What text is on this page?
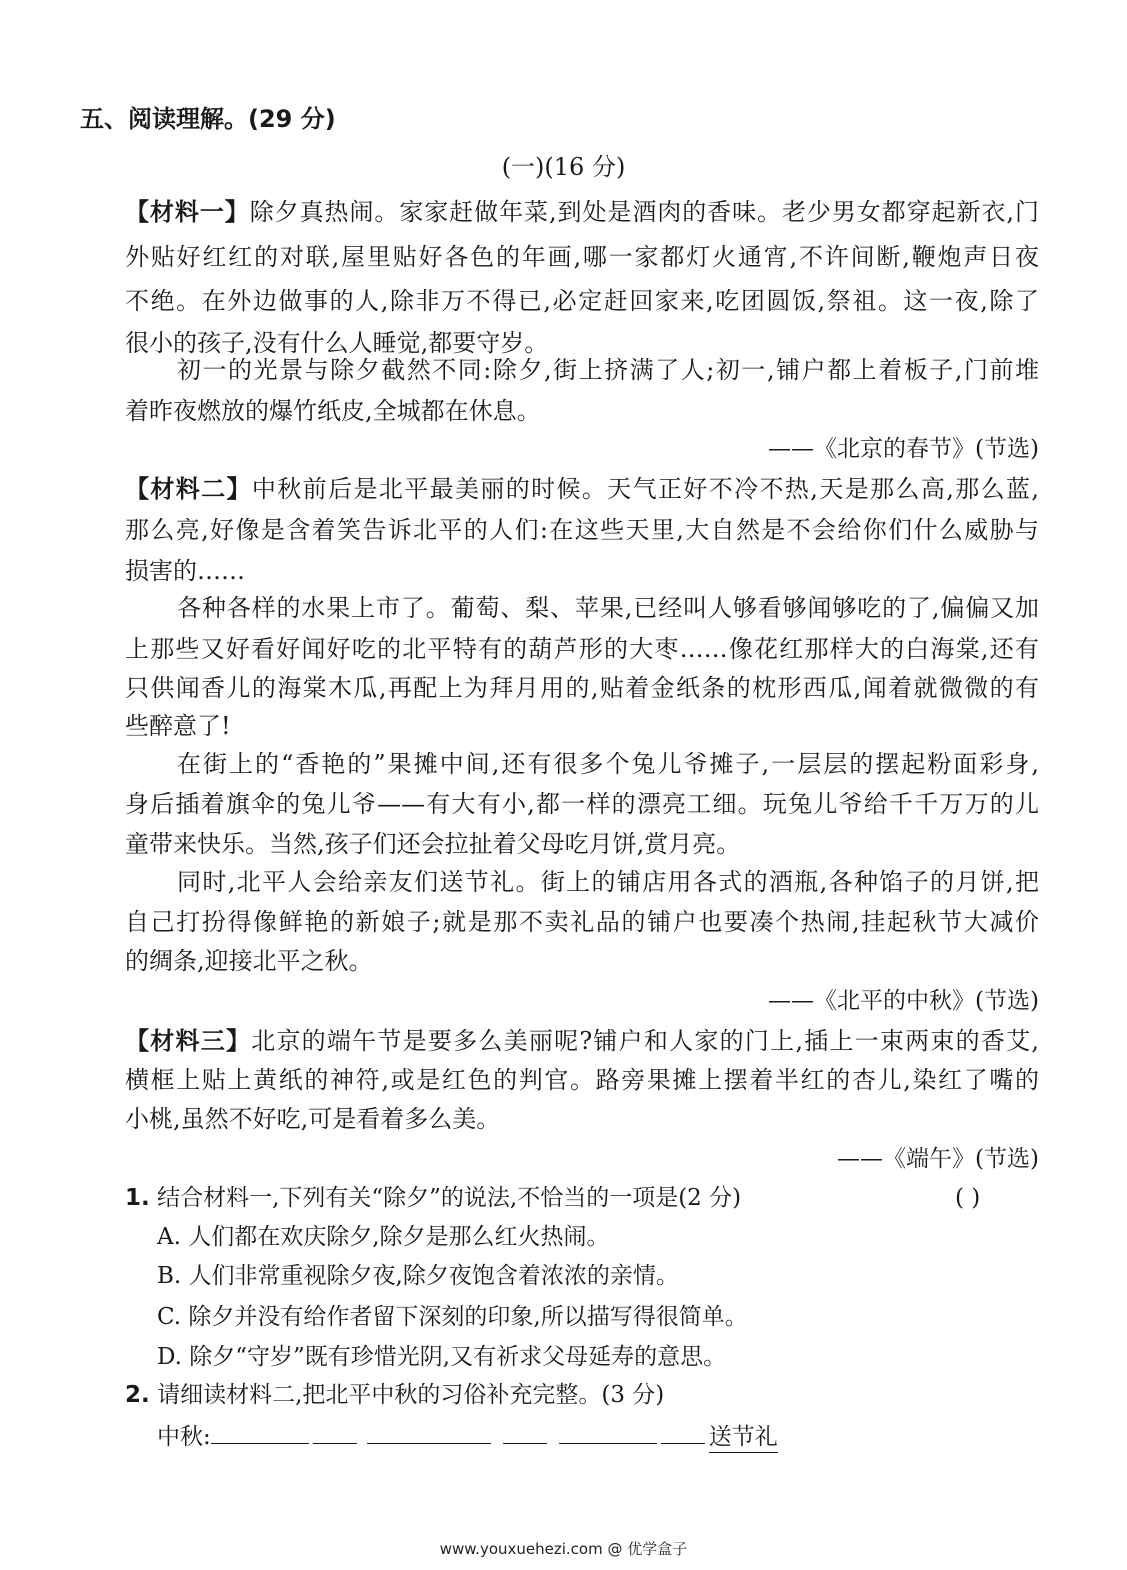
五、阅读理解。(29 分)
(一)(16 分)
【材料一】除夕真热闹。家家赶做年菜,到处是酒肉的香味。老少男女都穿起新衣,门
外贴好红红的对联,屋里贴好各色的年画,哪一家都灯火通宵,不许间断,鞭炮声日夜
不绝。在外边做事的人,除非万不得已,必定赶回家来,吃团圆饭,祭祖。这一夜,除了
很小的孩子,没有什么人睡觉,都要守岁。
初一的光景与除夕截然不同:除夕,街上挤满了人;初一,铺户都上着板子,门前堆
着昨夜燃放的爆竹纸皮,全城都在休息。
——《北京的春节》(节选)
【材料二】中秋前后是北平最美丽的时候。天气正好不冷不热,天是那么高,那么蓝,
那么亮,好像是含着笑告诉北平的人们:在这些天里,大自然是不会给你们什么威胁与
损害的……
各种各样的水果上市了。葡萄、梨、苹果,已经叫人够看够闻够吃的了,偏偏又加
上那些又好看好闻好吃的北平特有的葫芦形的大枣……像花红那样大的白海棠,还有
只供闻香儿的海棠木瓜,再配上为拜月用的,贴着金纸条的枕形西瓜,闻着就微微的有
些醉意了!
在街上的“香艳的”果摊中间,还有很多个兔儿爷摊子,一层层的摆起粉面彩身,
身后插着旗伞的兔儿爷——有大有小,都一样的漂亮工细。玩兔儿爷给千千万万的儿
童带来快乐。当然,孩子们还会拉扯着父母吃月饼,赏月亮。
同时,北平人会给亲友们送节礼。街上的铺店用各式的酒瓶,各种馅子的月饼,把
自己打扮得像鲜艳的新娘子;就是那不卖礼品的铺户也要凑个热闹,挂起秋节大减价
的绸条,迎接北平之秋。
——《北平的中秋》(节选)
【材料三】北京的端午节是要多么美丽呢?铺户和人家的门上,插上一束两束的香艾,
横框上贴上黄纸的神符,或是红色的判官。路旁果摊上摆着半红的杏儿,染红了嘴的
小桃,虽然不好吃,可是看着多么美。
——《端午》(节选)
1. 结合材料一,下列有关“除夕”的说法,不恰当的一项是(2 分)	( )
A. 人们都在欢庆除夕,除夕是那么红火热闹。
B. 人们非常重视除夕夜,除夕夜饱含着浓浓的亲情。
C. 除夕并没有给作者留下深刻的印象,所以描写得很简单。
D. 除夕“守岁”既有珍惜光阴,又有祈求父母延寿的意思。
2. 请细读材料二,把北平中秋的习俗补充完整。(3 分)
中秋:	送节礼
www.youxuehezi.com @ 优学盒子
